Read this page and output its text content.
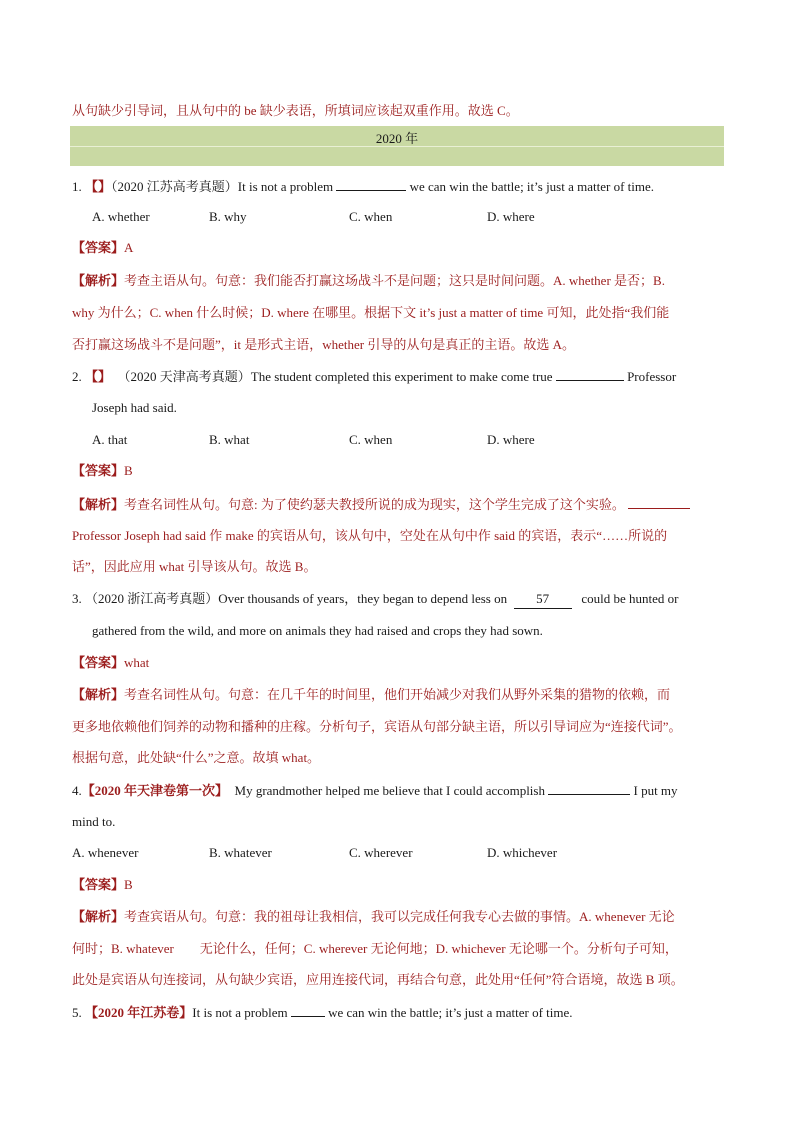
从句缺少引导词，且从句中的 be 缺少表语，所填词应该起双重作用。故选 C。
2020 年
1. 【】（2020 江苏高考真题）It is not a problem	we can win the battle; it’s just a matter of time.
A. whether	B. why	C. when	D. where
【答案】A
【解析】考查主语从句。句意：我们能否打赢这场战斗不是问题；这只是时间问题。A. whether 是否；B.
why 为什么；C. when 什么时候；D. where 在哪里。根据下文 it’s just a matter of time 可知，此处指“我们能
否打赢这场战斗不是问题”，it 是形式主语，whether 引导的从句是真正的主语。故选 A。
2. 【】 （2020 天津高考真题）The student completed this experiment to make come true	Professor
Joseph had said.
A. that	B. what	C. when	D. where
【答案】B
【解析】考查名词性从句。句意: 为了使约瑟夫教授所说的成为现实，这个学生完成了这个实验。
Professor Joseph had said 作 make 的宾语从句，该从句中，空处在从句中作 said 的宾语，表示“……所说的
话”，因此应用 what 引导该从句。故选 B。
3. （2020 浙江高考真题）Over thousands of years，they began to depend less on 57 could be hunted or
gathered from the wild, and more on animals they had raised and crops they had sown.
【答案】what
【解析】考查名词性从句。句意：在几千年的时间里，他们开始减少对我们从野外采集的猎物的依赖，而
更多地依赖他们饲养的动物和播种的庄稼。分析句子，宾语从句部分缺主语，所以引导词应为“连接代词”。
根据句意，此处缺“什么”之意。故填 what。
4.【2020 年天津卷第一次】 My grandmother helped me believe that I could accomplish	I put my
mind to.
A. whenever	B. whatever	C. wherever	D. whichever
【答案】B
【解析】考查宾语从句。句意：我的祖母让我相信，我可以完成任何我专心去做的事情。A. whenever 无论
何时；B. whatever　　无论什么，任何；C. wherever 无论何地；D. whichever 无论哪一个。分析句子可知，
此处是宾语从句连接词，从句缺少宾语，应用连接代词，再结合句意，此处用“任何”符合语境，故选 B 项。
5. 【2020 年江苏卷】It is not a problem	we can win the battle; it’s just a matter of time.
